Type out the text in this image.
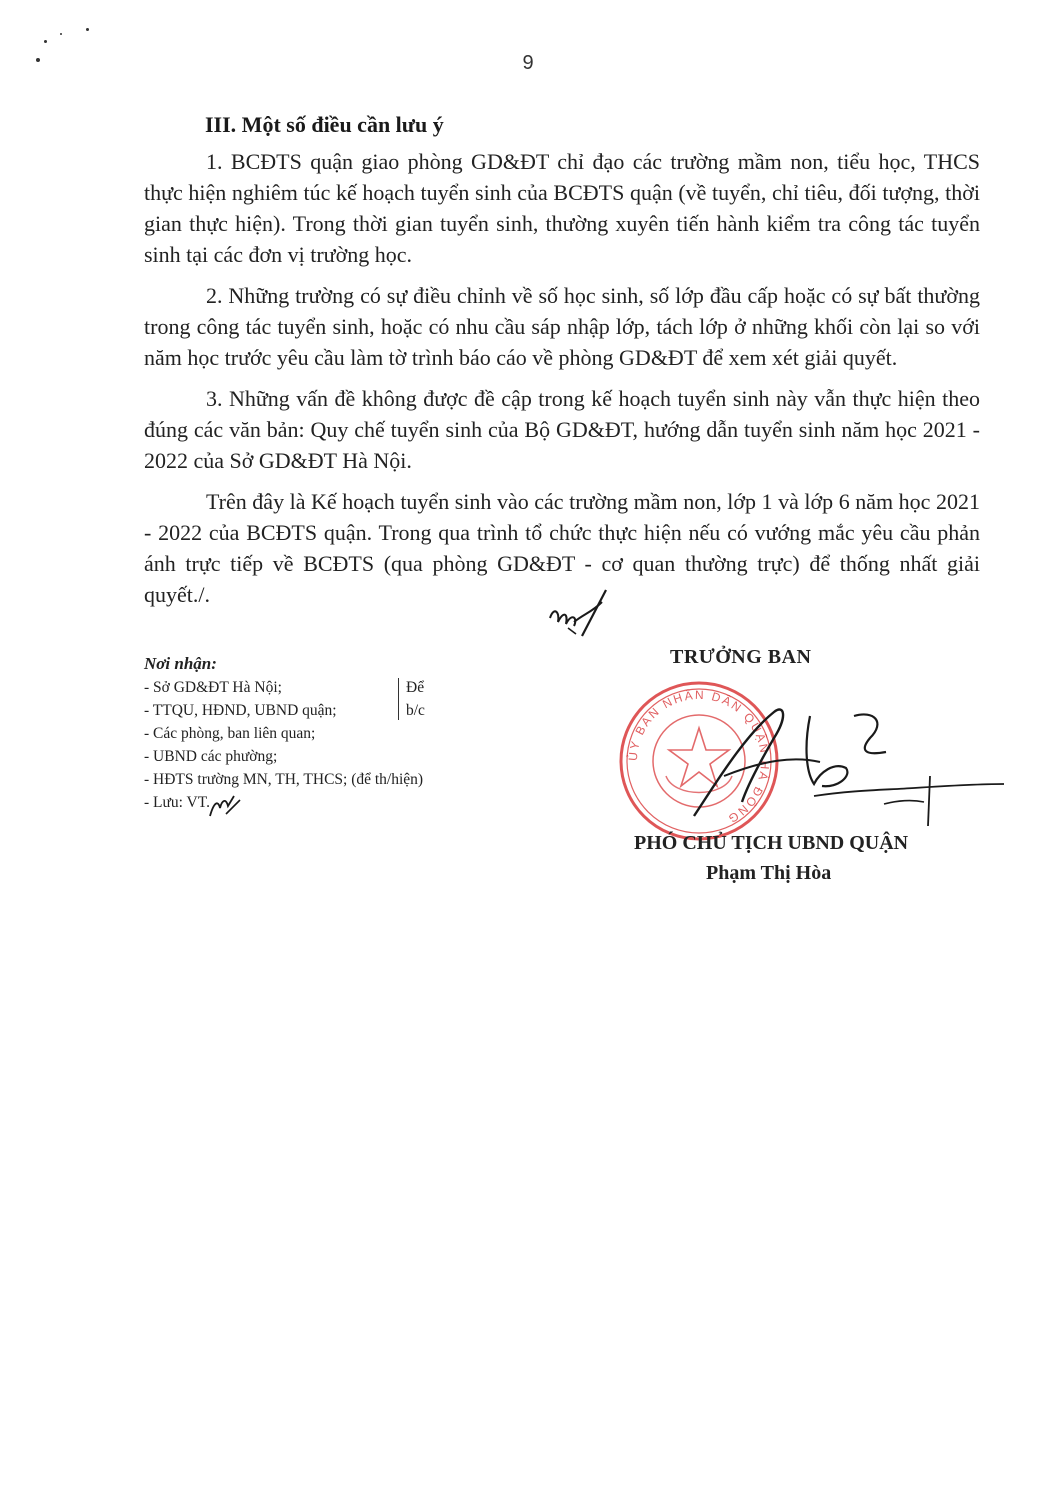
9
III. Một số điều cần lưu ý

1. BCĐTS quận giao phòng GD&ĐT chỉ đạo các trường mầm non, tiểu học, THCS thực hiện nghiêm túc kế hoạch tuyển sinh của BCĐTS quận (về tuyển, chỉ tiêu, đối tượng, thời gian thực hiện). Trong thời gian tuyển sinh, thường xuyên tiến hành kiểm tra công tác tuyển sinh tại các đơn vị trường học.

2. Những trường có sự điều chỉnh về số học sinh, số lớp đầu cấp hoặc có sự bất thường trong công tác tuyển sinh, hoặc có nhu cầu sáp nhập lớp, tách lớp ở những khối còn lại so với năm học trước yêu cầu làm tờ trình báo cáo về phòng GD&ĐT để xem xét giải quyết.

3. Những vấn đề không được đề cập trong kế hoạch tuyển sinh này vẫn thực hiện theo đúng các văn bản: Quy chế tuyển sinh của Bộ GD&ĐT, hướng dẫn tuyển sinh năm học 2021 - 2022 của Sở GD&ĐT Hà Nội.

Trên đây là Kế hoạch tuyển sinh vào các trường mầm non, lớp 1 và lớp 6 năm học 2021 - 2022 của BCĐTS quận. Trong qua trình tổ chức thực hiện nếu có vướng mắc yêu cầu phản ánh trực tiếp về BCĐTS (qua phòng GD&ĐT - cơ quan thường trực) để thống nhất giải quyết./.

Nơi nhận:
- Sở GD&ĐT Hà Nội;
- TTQU, HĐND, UBND quận;
Để
b/c
- Các phòng, ban liên quan;
- UBND các phường;
- HĐTS trường MN, TH, THCS; (để th/hiện)
- Lưu: VT.
TRƯỞNG BAN
ỦY BAN NHÂN DÂN QUẬN HÀ ĐÔNG
PHÓ CHỦ TỊCH UBND QUẬN
Phạm Thị Hòa
